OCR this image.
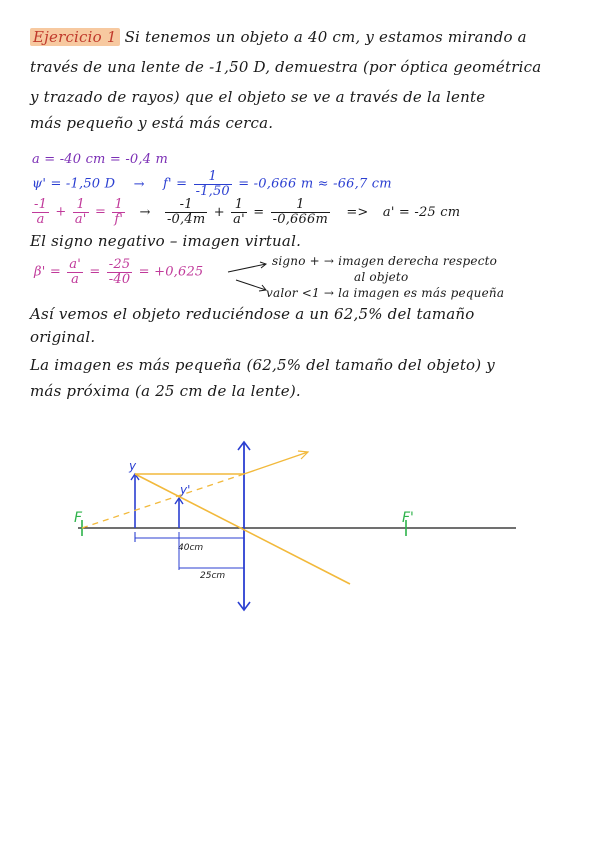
Ejercicio 1 Si tenemos un objeto a 40 cm, y estamos mirando a
través de una lente de -1,50 D, demuestra (por óptica geométrica
y trazado de rayos) que el objeto se ve a través de la lente
más pequeño y está más cerca.
a = -40 cm = -0,4 m
ψ' = -1,50 $D \to f' = \frac{1}{-1,50} = -0,666$ m ≈ -66,7 cm
$\frac{-1}{a} + \frac{1}{a'} = \frac{1}{f'} \to \frac{-1}{-0,4m} + \frac{1}{a'} = \frac{1}{-0,666m} => a' = -25$ cm
El signo negativo – imagen virtual.
$\beta' = \frac{a'}{a} = \frac{-25}{-40} = +0,625$
signo + → imagen derecha respecto
al objeto
valor <1 → la imagen es más pequeña
Así vemos el objeto reduciéndose a un 62,5% del tamaño
original.
La imagen es más pequeña (62,5% del tamaño del objeto) y
más próxima (a 25 cm de la lente).
F	F'
y
y'
40cm
25cm
